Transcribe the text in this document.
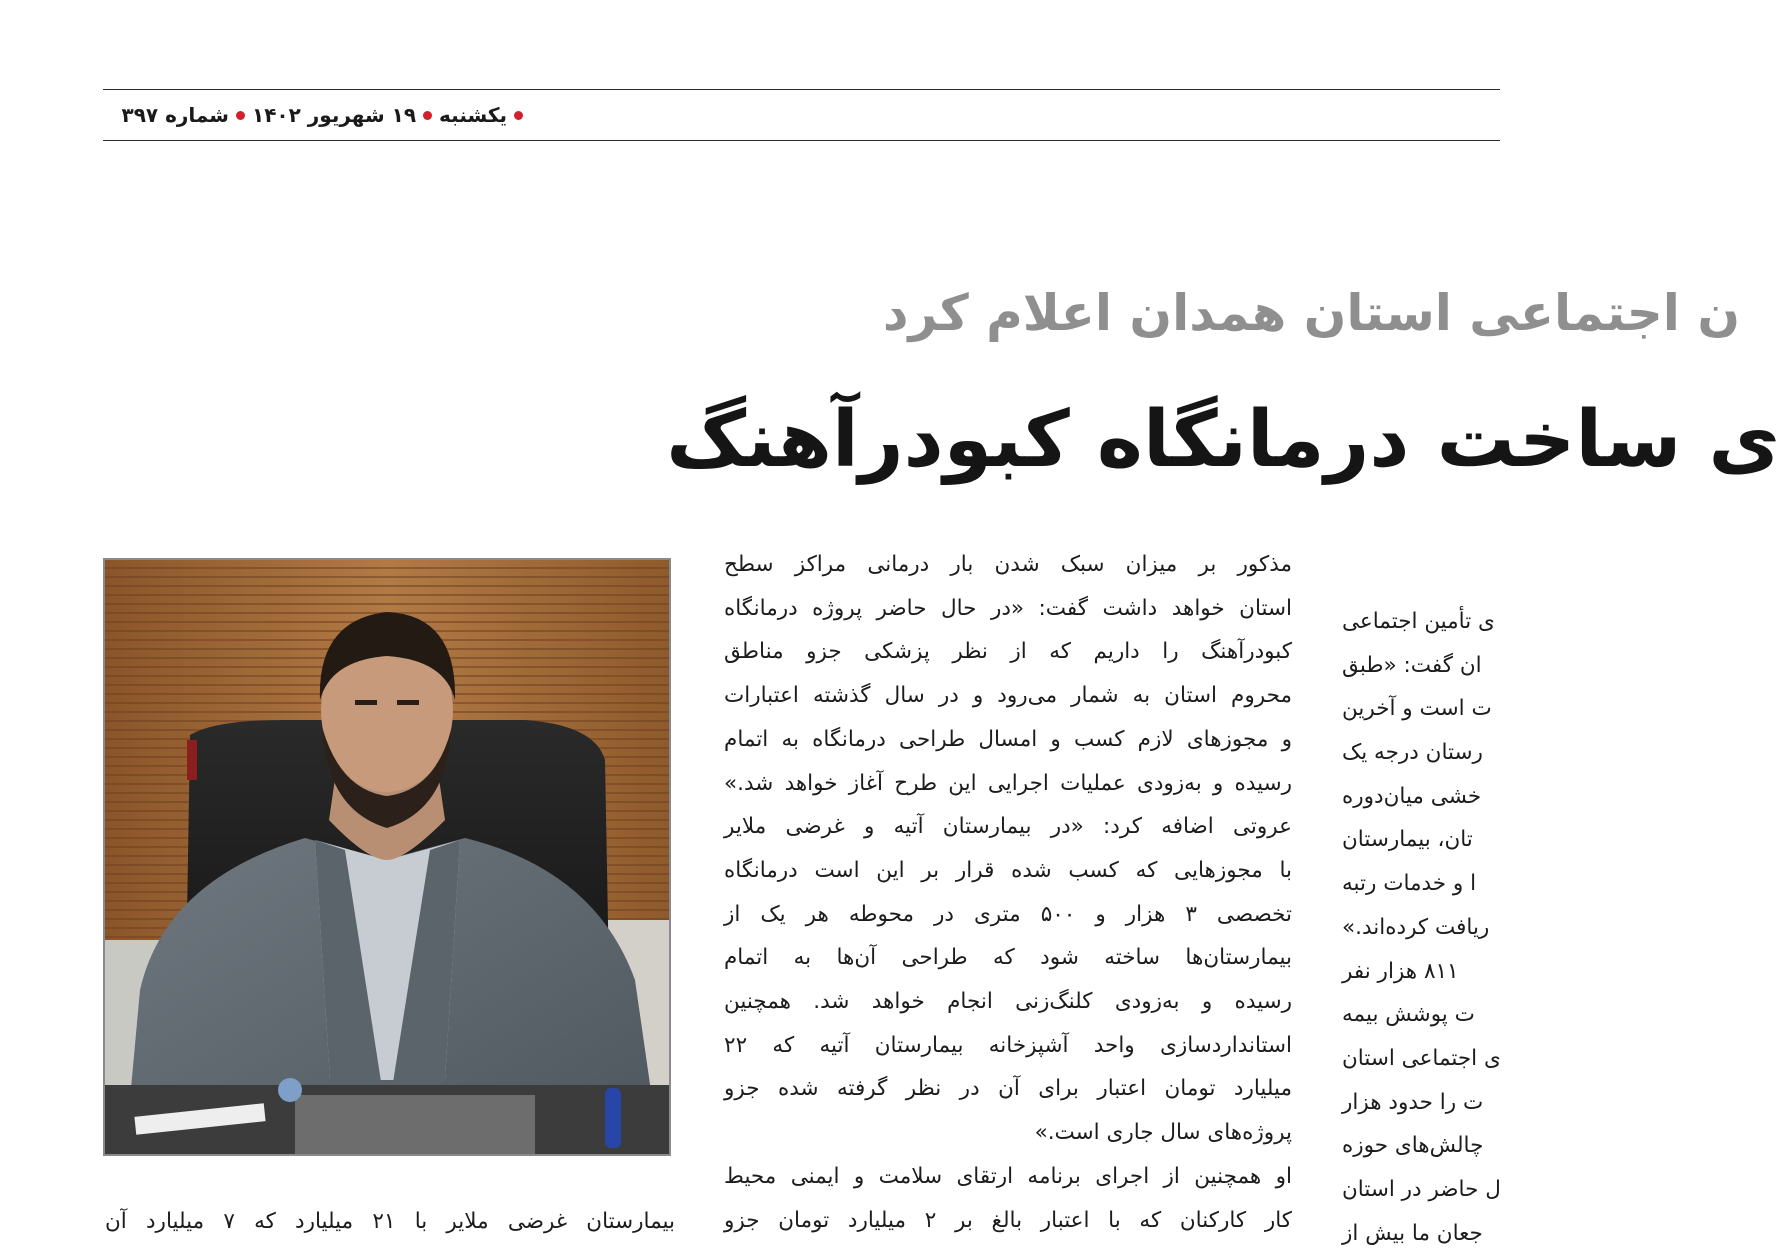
یکشنبه
۱۹ شهریور ۱۴۰۲
شماره ۳۹۷
ن اجتماعی استان همدان اعلام کرد
ی ساخت درمانگاه کبودرآهنگ

مذکور بر میزان سبک شدن بار درمانی مراکز سطح

استان خواهد داشت گفت: «در حال حاضر پروژه درمانگاه

کبودرآهنگ را داریم که از نظر پزشکی جزو مناطق

محروم استان به شمار می‌رود و در سال گذشته اعتبارات

و مجوزهای لازم کسب و امسال طراحی درمانگاه به اتمام

رسیده و به‌زودی عملیات اجرایی این طرح آغاز خواهد شد.»

عروتی اضافه کرد: «در بیمارستان آتیه و غرضی ملایر

با مجوزهایی که کسب شده قرار بر این است درمانگاه

تخصصی ۳ هزار و ۵۰۰ متری در محوطه هر یک از

بیمارستان‌ها ساخته شود که طراحی آن‌ها به اتمام

رسیده و به‌زودی کلنگ‌زنی انجام خواهد شد. همچنین

استانداردسازی واحد آشپزخانه بیمارستان آتیه که ۲۲

میلیارد تومان اعتبار برای آن در نظر گرفته شده جزو

پروژه‌های سال جاری است.»

او همچنین از اجرای برنامه ارتقای سلامت و ایمنی محیط

کار کارکنان که با اعتبار بالغ بر ۲ میلیارد تومان جزو

ی تأمین اجتماعی
ان گفت: «طبق
ت است و آخرین
رستان درجه یک
خشی میان‌دوره
تان، بیمارستان
ا و خدمات رتبه
ریافت کرده‌اند.»
۸۱۱ هزار نفر
ت پوشش بیمه
ی اجتماعی استان
ت را حدود هزار
چالش‌های حوزه
ل حاضر در استان
جعان ما بیش از

بیمارستان غرضی ملایر با ۲۱ میلیارد که ۷ میلیارد آن
